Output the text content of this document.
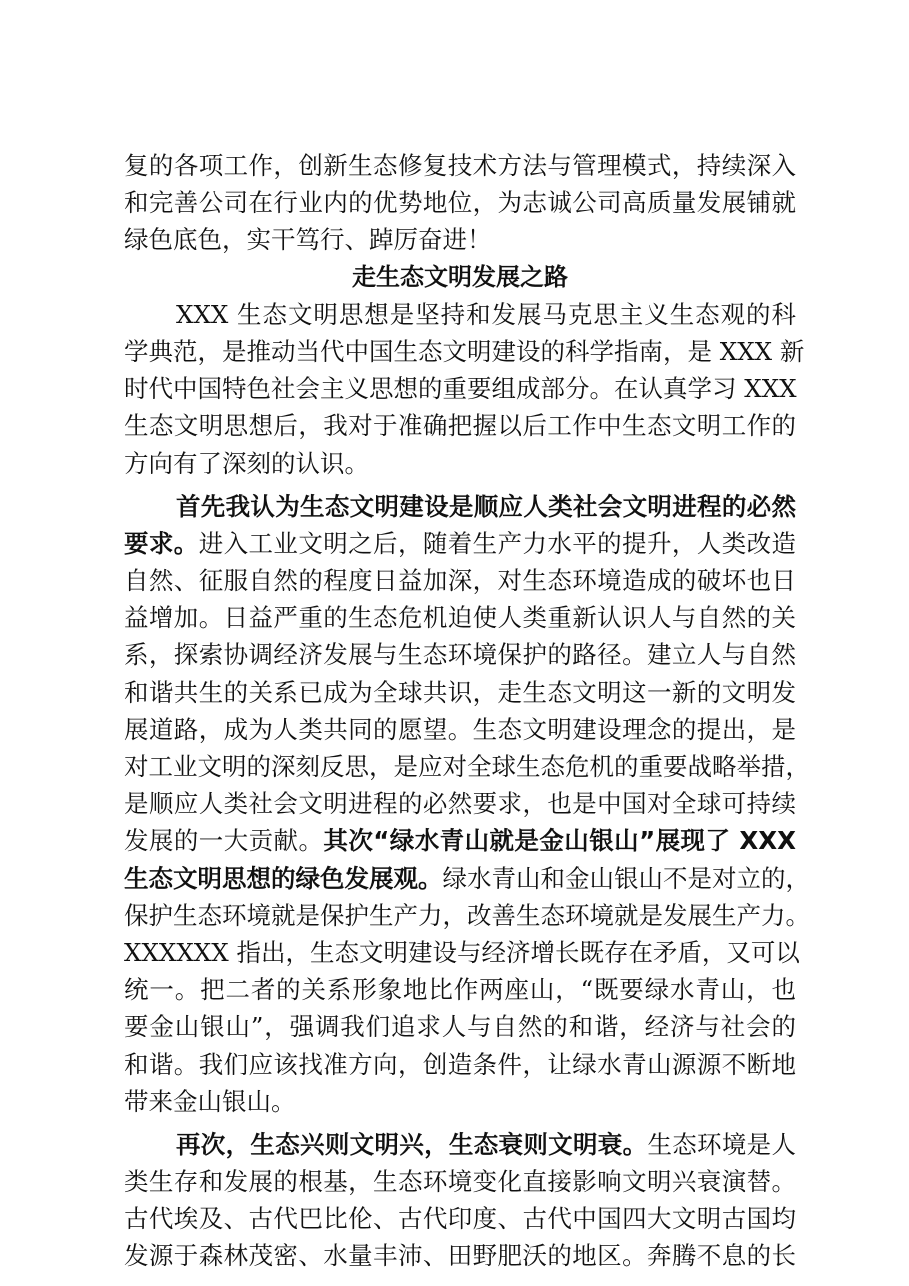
复的各项工作，创新生态修复技术方法与管理模式，持续深入
和完善公司在行业内的优势地位，为志诚公司高质量发展铺就
绿色底色，实干笃行、踔厉奋进！
走生态文明发展之路
XXX 生态文明思想是坚持和发展马克思主义生态观的科
学典范，是推动当代中国生态文明建设的科学指南，是 XXX 新
时代中国特色社会主义思想的重要组成部分。在认真学习 XXX
生态文明思想后，我对于准确把握以后工作中生态文明工作的
方向有了深刻的认识。
首先我认为生态文明建设是顺应人类社会文明进程的必然
要求。进入工业文明之后，随着生产力水平的提升，人类改造
自然、征服自然的程度日益加深，对生态环境造成的破坏也日
益增加。日益严重的生态危机迫使人类重新认识人与自然的关
系，探索协调经济发展与生态环境保护的路径。建立人与自然
和谐共生的关系已成为全球共识，走生态文明这一新的文明发
展道路，成为人类共同的愿望。生态文明建设理念的提出，是
对工业文明的深刻反思，是应对全球生态危机的重要战略举措，
是顺应人类社会文明进程的必然要求，也是中国对全球可持续
发展的一大贡献。其次“绿水青山就是金山银山”展现了 XXX
生态文明思想的绿色发展观。绿水青山和金山银山不是对立的，
保护生态环境就是保护生产力，改善生态环境就是发展生产力。
XXXXXX 指出，生态文明建设与经济增长既存在矛盾，又可以
统一。把二者的关系形象地比作两座山，“既要绿水青山，也
要金山银山”，强调我们追求人与自然的和谐，经济与社会的
和谐。我们应该找准方向，创造条件，让绿水青山源源不断地
带来金山银山。
再次，生态兴则文明兴，生态衰则文明衰。生态环境是人
类生存和发展的根基，生态环境变化直接影响文明兴衰演替。
古代埃及、古代巴比伦、古代印度、古代中国四大文明古国均
发源于森林茂密、水量丰沛、田野肥沃的地区。奔腾不息的长
